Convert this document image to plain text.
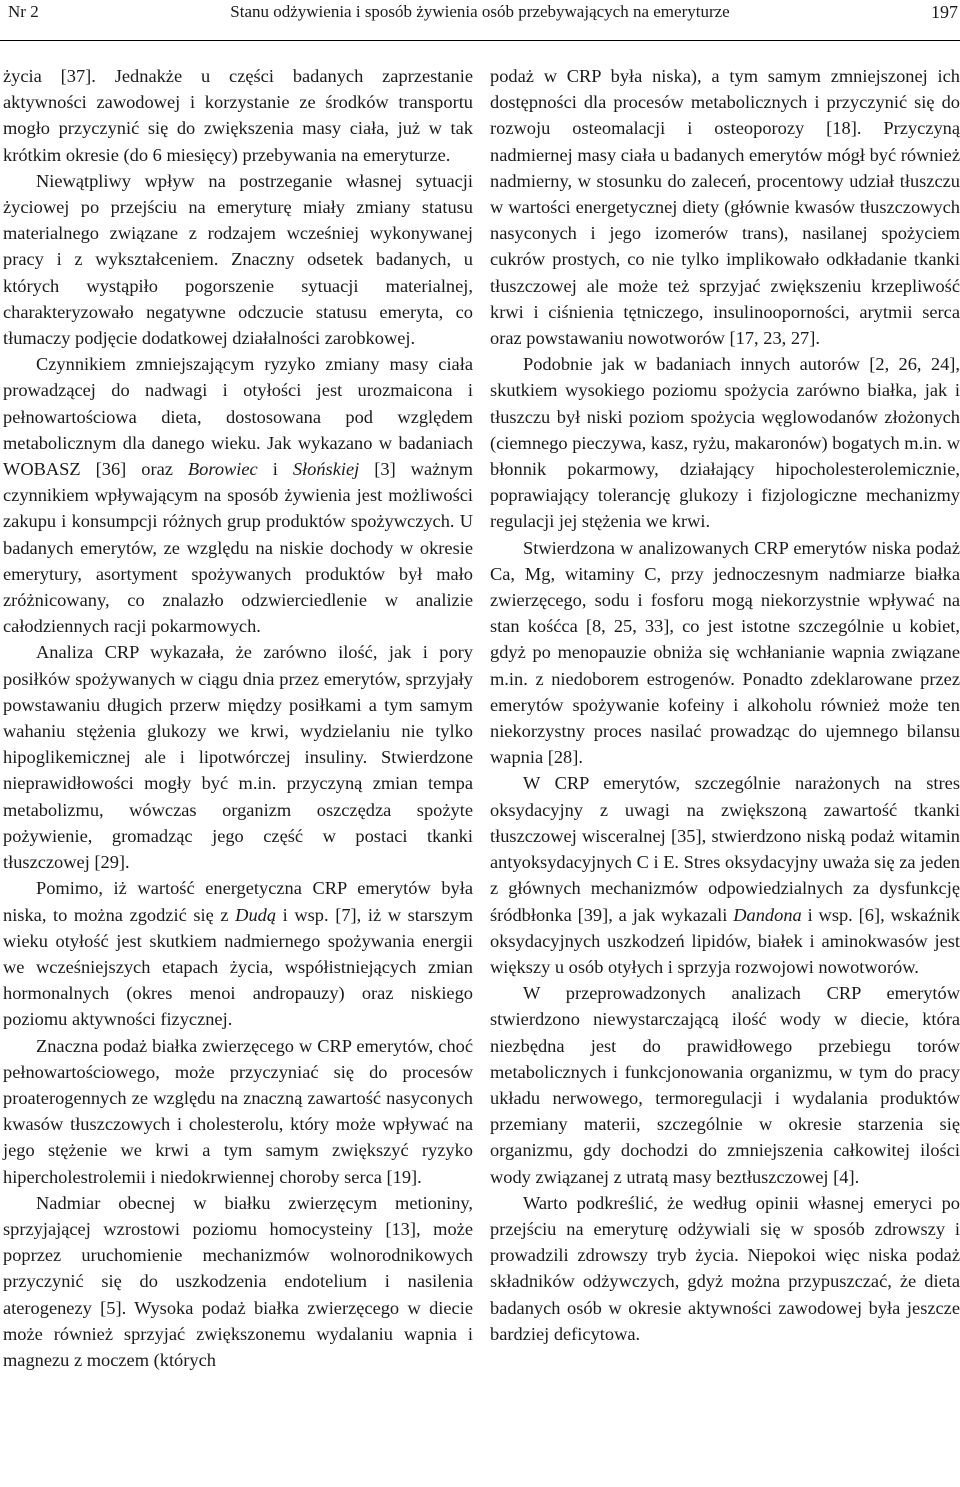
Nr 2	Stanu odżywienia i sposób żywienia osób przebywających na emeryturze	197

życia [37]. Jednakże u części badanych zaprzestanie aktywności zawodowej i korzystanie ze środków transportu mogło przyczynić się do zwiększenia masy ciała, już w tak krótkim okresie (do 6 miesięcy) przebywania na emeryturze.

Niewątpliwy wpływ na postrzeganie własnej sytuacji życiowej po przejściu na emeryturę miały zmiany statusu materialnego związane z rodzajem wcześniej wykonywanej pracy i z wykształceniem. Znaczny odsetek badanych, u których wystąpiło pogorszenie sytuacji materialnej, charakteryzowało negatywne odczucie statusu emeryta, co tłumaczy podjęcie dodatkowej działalności zarobkowej.

Czynnikiem zmniejszającym ryzyko zmiany masy ciała prowadzącej do nadwagi i otyłości jest urozmaicona i pełnowartościowa dieta, dostosowana pod względem metabolicznym dla danego wieku. Jak wykazano w badaniach WOBASZ [36] oraz Borowiec i Słońskiej [3] ważnym czynnikiem wpływającym na sposób żywienia jest możliwości zakupu i konsumpcji różnych grup produktów spożywczych. U badanych emerytów, ze względu na niskie dochody w okresie emerytury, asortyment spożywanych produktów był mało zróżnicowany, co znalazło odzwierciedlenie w analizie całodziennych racji pokarmowych.

Analiza CRP wykazała, że zarówno ilość, jak i pory posiłków spożywanych w ciągu dnia przez emerytów, sprzyjały powstawaniu długich przerw między posiłkami a tym samym wahaniu stężenia glukozy we krwi, wydzielaniu nie tylko hipoglikemicznej ale i lipotwórczej insuliny. Stwierdzone nieprawidłowości mogły być m.in. przyczyną zmian tempa metabolizmu, wówczas organizm oszczędza spożyte pożywienie, gromadząc jego część w postaci tkanki tłuszczowej [29].

Pomimo, iż wartość energetyczna CRP emerytów była niska, to można zgodzić się z Dudą i wsp. [7], iż w starszym wieku otyłość jest skutkiem nadmiernego spożywania energii we wcześniejszych etapach życia, współistniejących zmian hormonalnych (okres menoi andropauzy) oraz niskiego poziomu aktywności fizycznej.

Znaczna podaż białka zwierzęcego w CRP emerytów, choć pełnowartościowego, może przyczyniać się do procesów proaterogennych ze względu na znaczną zawartość nasyconych kwasów tłuszczowych i cholesterolu, który może wpływać na jego stężenie we krwi a tym samym zwiększyć ryzyko hipercholestrolemii i niedokrwiennej choroby serca [19].

Nadmiar obecnej w białku zwierzęcym metioniny, sprzyjającej wzrostowi poziomu homocysteiny [13], może poprzez uruchomienie mechanizmów wolnorodnikowych przyczynić się do uszkodzenia endotelium i nasilenia aterogenezy [5]. Wysoka podaż białka zwierzęcego w diecie może również sprzyjać zwiększonemu wydalaniu wapnia i magnezu z moczem (których

podaż w CRP była niska), a tym samym zmniejszonej ich dostępności dla procesów metabolicznych i przyczynić się do rozwoju osteomalacji i osteoporozy [18]. Przyczyną nadmiernej masy ciała u badanych emerytów mógł być również nadmierny, w stosunku do zaleceń, procentowy udział tłuszczu w wartości energetycznej diety (głównie kwasów tłuszczowych nasyconych i jego izomerów trans), nasilanej spożyciem cukrów prostych, co nie tylko implikowało odkładanie tkanki tłuszczowej ale może też sprzyjać zwiększeniu krzepliwość krwi i ciśnienia tętniczego, insulinooporności, arytmii serca oraz powstawaniu nowotworów [17, 23, 27].

Podobnie jak w badaniach innych autorów [2, 26, 24], skutkiem wysokiego poziomu spożycia zarówno białka, jak i tłuszczu był niski poziom spożycia węglowodanów złożonych (ciemnego pieczywa, kasz, ryżu, makaronów) bogatych m.in. w błonnik pokarmowy, działający hipocholesterolemicznie, poprawiający tolerancję glukozy i fizjologiczne mechanizmy regulacji jej stężenia we krwi.

Stwierdzona w analizowanych CRP emerytów niska podaż Ca, Mg, witaminy C, przy jednoczesnym nadmiarze białka zwierzęcego, sodu i fosforu mogą niekorzystnie wpływać na stan kośćca [8, 25, 33], co jest istotne szczególnie u kobiet, gdyż po menopauzie obniża się wchłanianie wapnia związane m.in. z niedoborem estrogenów. Ponadto zdeklarowane przez emerytów spożywanie kofeiny i alkoholu również może ten niekorzystny proces nasilać prowadząc do ujemnego bilansu wapnia [28].

W CRP emerytów, szczególnie narażonych na stres oksydacyjny z uwagi na zwiększoną zawartość tkanki tłuszczowej wisceralnej [35], stwierdzono niską podaż witamin antyoksydacyjnych C i E. Stres oksydacyjny uważa się za jeden z głównych mechanizmów odpowiedzialnych za dysfunkcję śródbłonka [39], a jak wykazali Dandona i wsp. [6], wskaźnik oksydacyjnych uszkodzeń lipidów, białek i aminokwasów jest większy u osób otyłych i sprzyja rozwojowi nowotworów.

W przeprowadzonych analizach CRP emerytów stwierdzono niewystarczającą ilość wody w diecie, która niezbędna jest do prawidłowego przebiegu torów metabolicznych i funkcjonowania organizmu, w tym do pracy układu nerwowego, termoregulacji i wydalania produktów przemiany materii, szczególnie w okresie starzenia się organizmu, gdy dochodzi do zmniejszenia całkowitej ilości wody związanej z utratą masy beztłuszczowej [4].

Warto podkreślić, że według opinii własnej emeryci po przejściu na emeryturę odżywiali się w sposób zdrowszy i prowadzili zdrowszy tryb życia. Niepokoi więc niska podaż składników odżywczych, gdyż można przypuszczać, że dieta badanych osób w okresie aktywności zawodowej była jeszcze bardziej deficytowa.
